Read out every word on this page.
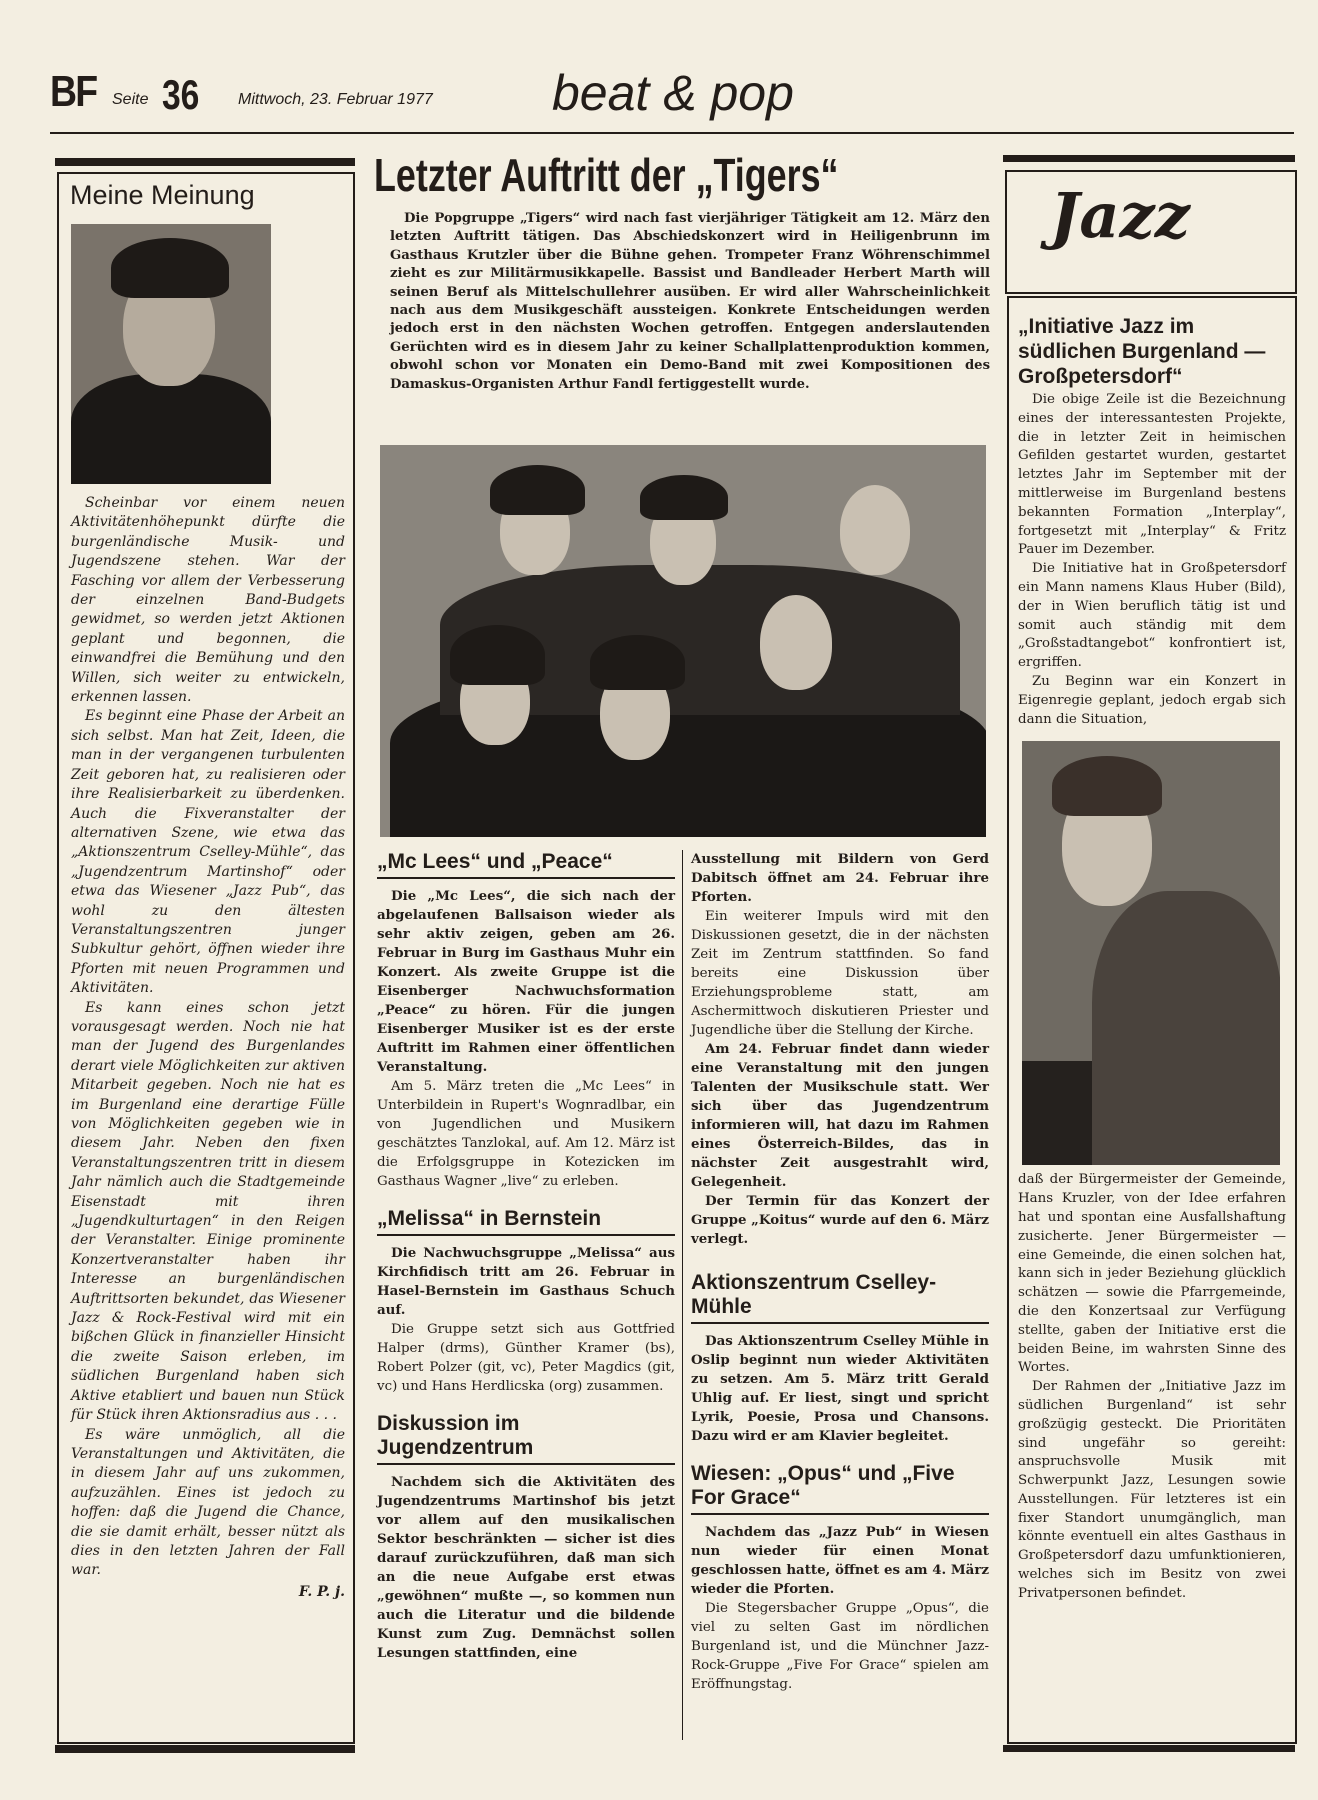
BF Seite 36 Mittwoch, 23. Februar 1977 beat & pop
Meine Meinung

Scheinbar vor einem neuen Aktivitätenhöhepunkt dürfte die burgenländische Musik- und Jugendszene stehen. War der Fasching vor allem der Verbesserung der einzelnen Band-Budgets gewidmet, so werden jetzt Aktionen geplant und begonnen, die einwandfrei die Bemühung und den Willen, sich weiter zu entwickeln, erkennen lassen.

Es beginnt eine Phase der Arbeit an sich selbst. Man hat Zeit, Ideen, die man in der vergangenen turbulenten Zeit geboren hat, zu realisieren oder ihre Realisierbarkeit zu überdenken. Auch die Fixveranstalter der alternativen Szene, wie etwa das „Aktionszentrum Cselley-Mühle“, das „Jugendzentrum Martinshof“ oder etwa das Wiesener „Jazz Pub“, das wohl zu den ältesten Veranstaltungszentren junger Subkultur gehört, öffnen wieder ihre Pforten mit neuen Programmen und Aktivitäten.

Es kann eines schon jetzt vorausgesagt werden. Noch nie hat man der Jugend des Burgenlandes derart viele Möglichkeiten zur aktiven Mitarbeit gegeben. Noch nie hat es im Burgenland eine derartige Fülle von Möglichkeiten gegeben wie in diesem Jahr. Neben den fixen Veranstaltungszentren tritt in diesem Jahr nämlich auch die Stadtgemeinde Eisenstadt mit ihren „Jugendkulturtagen“ in den Reigen der Veranstalter. Einige prominente Konzertveranstalter haben ihr Interesse an burgenländischen Auftrittsorten bekundet, das Wiesener Jazz & Rock-Festival wird mit ein bißchen Glück in finanzieller Hinsicht die zweite Saison erleben, im südlichen Burgenland haben sich Aktive etabliert und bauen nun Stück für Stück ihren Aktionsradius aus . . .

Es wäre unmöglich, all die Veranstaltungen und Aktivitäten, die in diesem Jahr auf uns zukommen, aufzuzählen. Eines ist jedoch zu hoffen: daß die Jugend die Chance, die sie damit erhält, besser nützt als dies in den letzten Jahren der Fall war.

F. P. j.
Letzter Auftritt der „Tigers“

Die Popgruppe „Tigers“ wird nach fast vierjähriger Tätigkeit am 12. März den letzten Auftritt tätigen. Das Abschiedskonzert wird in Heiligenbrunn im Gasthaus Krutzler über die Bühne gehen. Trompeter Franz Wöhrenschimmel zieht es zur Militärmusikkapelle. Bassist und Bandleader Herbert Marth will seinen Beruf als Mittelschullehrer ausüben. Er wird aller Wahrscheinlichkeit nach aus dem Musikgeschäft aussteigen. Konkrete Entscheidungen werden jedoch erst in den nächsten Wochen getroffen. Entgegen anderslautenden Gerüchten wird es in diesem Jahr zu keiner Schallplattenproduktion kommen, obwohl schon vor Monaten ein Demo-Band mit zwei Kompositionen des Damaskus-Organisten Arthur Fandl fertiggestellt wurde.

„Mc Lees“ und „Peace“

Die „Mc Lees“, die sich nach der abgelaufenen Ballsaison wieder als sehr aktiv zeigen, geben am 26. Februar in Burg im Gasthaus Muhr ein Konzert. Als zweite Gruppe ist die Eisenberger Nachwuchsformation „Peace“ zu hören. Für die jungen Eisenberger Musiker ist es der erste Auftritt im Rahmen einer öffentlichen Veranstaltung.

Am 5. März treten die „Mc Lees“ in Unterbildein in Rupert's Wognradlbar, ein von Jugendlichen und Musikern geschätztes Tanzlokal, auf. Am 12. März ist die Erfolgsgruppe in Kotezicken im Gasthaus Wagner „live“ zu erleben.

„Melissa“ in Bernstein

Die Nachwuchsgruppe „Melissa“ aus Kirchfidisch tritt am 26. Februar in Hasel-Bernstein im Gasthaus Schuch auf.

Die Gruppe setzt sich aus Gottfried Halper (drms), Günther Kramer (bs), Robert Polzer (git, vc), Peter Magdics (git, vc) und Hans Herdlicska (org) zusammen.

Diskussion im Jugendzentrum

Nachdem sich die Aktivitäten des Jugendzentrums Martinshof bis jetzt vor allem auf den musikalischen Sektor beschränkten — sicher ist dies darauf zurückzuführen, daß man sich an die neue Aufgabe erst etwas „gewöhnen“ mußte —, so kommen nun auch die Literatur und die bildende Kunst zum Zug. Demnächst sollen Lesungen stattfinden, eine

Ausstellung mit Bildern von Gerd Dabitsch öffnet am 24. Februar ihre Pforten.

Ein weiterer Impuls wird mit den Diskussionen gesetzt, die in der nächsten Zeit im Zentrum stattfinden. So fand bereits eine Diskussion über Erziehungsprobleme statt, am Aschermittwoch diskutieren Priester und Jugendliche über die Stellung der Kirche.

Am 24. Februar findet dann wieder eine Veranstaltung mit den jungen Talenten der Musikschule statt. Wer sich über das Jugendzentrum informieren will, hat dazu im Rahmen eines Österreich-Bildes, das in nächster Zeit ausgestrahlt wird, Gelegenheit.

Der Termin für das Konzert der Gruppe „Koitus“ wurde auf den 6. März verlegt.

Aktionszentrum Cselley-Mühle

Das Aktionszentrum Cselley Mühle in Oslip beginnt nun wieder Aktivitäten zu setzen. Am 5. März tritt Gerald Uhlig auf. Er liest, singt und spricht Lyrik, Poesie, Prosa und Chansons. Dazu wird er am Klavier begleitet.

Wiesen: „Opus“ und „Five For Grace“

Nachdem das „Jazz Pub“ in Wiesen nun wieder für einen Monat geschlossen hatte, öffnet es am 4. März wieder die Pforten.

Die Stegersbacher Gruppe „Opus“, die viel zu selten Gast im nördlichen Burgenland ist, und die Münchner Jazz-Rock-Gruppe „Five For Grace“ spielen am Eröffnungstag.

Jazz
„Initiative Jazz im südlichen Burgenland — Großpetersdorf“

Die obige Zeile ist die Bezeichnung eines der interessantesten Projekte, die in letzter Zeit in heimischen Gefilden gestartet wurden, gestartet letztes Jahr im September mit der mittlerweise im Burgenland bestens bekannten Formation „Interplay“, fortgesetzt mit „Interplay“ & Fritz Pauer im Dezember.

Die Initiative hat in Großpetersdorf ein Mann namens Klaus Huber (Bild), der in Wien beruflich tätig ist und somit auch ständig mit dem „Großstadtangebot“ konfrontiert ist, ergriffen.

Zu Beginn war ein Konzert in Eigenregie geplant, jedoch ergab sich dann die Situation,

daß der Bürgermeister der Gemeinde, Hans Kruzler, von der Idee erfahren hat und spontan eine Ausfallshaftung zusicherte. Jener Bürgermeister — eine Gemeinde, die einen solchen hat, kann sich in jeder Beziehung glücklich schätzen — sowie die Pfarrgemeinde, die den Konzertsaal zur Verfügung stellte, gaben der Initiative erst die beiden Beine, im wahrsten Sinne des Wortes.

Der Rahmen der „Initiative Jazz im südlichen Burgenland“ ist sehr großzügig gesteckt. Die Prioritäten sind ungefähr so gereiht: anspruchsvolle Musik mit Schwerpunkt Jazz, Lesungen sowie Ausstellungen. Für letzteres ist ein fixer Standort unumgänglich, man könnte eventuell ein altes Gasthaus in Großpetersdorf dazu umfunktionieren, welches sich im Besitz von zwei Privatpersonen befindet.
